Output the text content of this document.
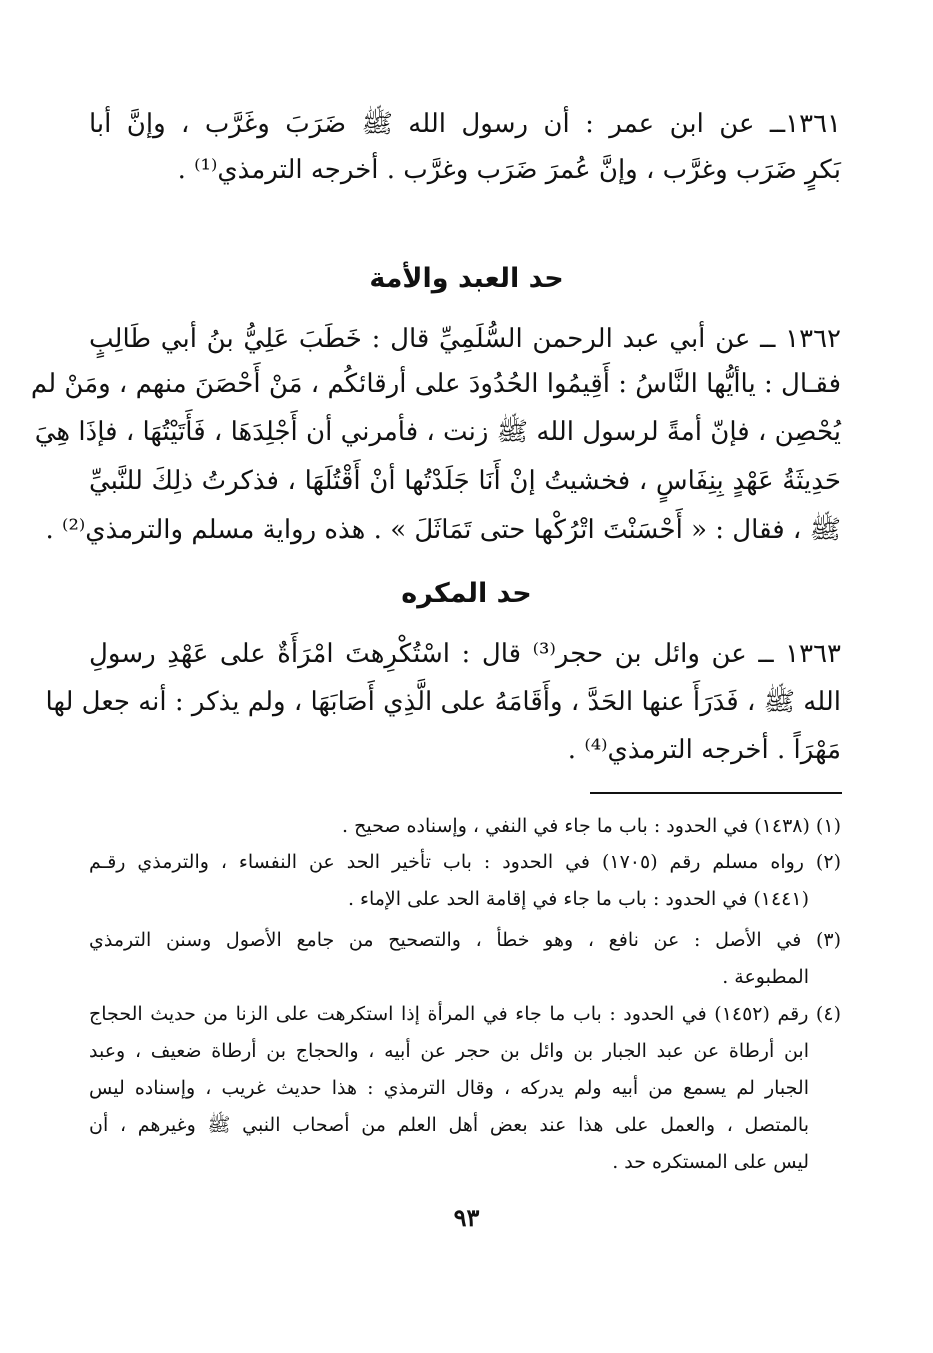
١٣٦١ــ عن ابن عمر : أن رسول الله ﷺ ضَرَبَ وغَرَّب ، وإنَّ أبا
بَكرٍ ضَرَب وغرَّب ، وإنَّ عُمرَ ضَرَب وغرَّب . أخرجه الترمذي⁽¹⁾ .
حد العبد والأمة
١٣٦٢ ــ عن أبي عبد الرحمن السُّلَمِيِّ قال : خَطَبَ عَلِيُّ بنُ أبي طَالِبٍ
فقـال : ياأيُّها النَّاسُ : أَقِيمُوا الحُدُودَ على أرقائكُم ، مَنْ أَحْصَنَ منهم ، ومَنْ لم
يُحْصِن ، فإنّ أمةً لرسول الله ﷺ زنت ، فأمرني أن أَجْلِدَهَا ، فَأَتَيْتُهَا ، فإذَا هِيَ
حَدِيثَةُ عَهْدٍ بِنِفَاسٍ ، فخشيتُ إنْ أَنَا جَلَدْتُها أنْ أَقْتُلَهَا ، فذكرتُ ذلِكَ للنَّبيِّ
ﷺ ، فقال : « أَحْسَنْتَ اتْرُكْها حتى تَمَاثَلَ » . هذه رواية مسلم والترمذي⁽²⁾ .
حد المكره
١٣٦٣ ــ عن وائل بن حجر⁽³⁾ قال : اسْتُكْرِهتَ امْرَأَةٌ على عَهْدِ رسولِ
الله ﷺ ، فَدَرَأَ عنها الحَدَّ ، وأَقَامَهُ على الَّذِي أَصَابَهَا ، ولم يذكر : أنه جعل لها
مَهْرَاً . أخرجه الترمذي⁽⁴⁾ .
(١) (١٤٣٨) في الحدود : باب ما جاء في النفي ، وإسناده صحيح .
(٢) رواه مسلم رقم (١٧٠٥) في الحدود : باب تأخير الحد عن النفساء ، والترمذي رقـم
(١٤٤١) في الحدود : باب ما جاء في إقامة الحد على الإماء .
(٣) في الأصل : عن نافع ، وهو خطأ ، والتصحيح من جامع الأصول وسنن الترمذي
المطبوعة .
(٤) رقم (١٤٥٢) في الحدود : باب ما جاء في المرأة إذا استكرهت على الزنا من حديث الحجاج
ابن أرطاة عن عبد الجبار بن وائل بن حجر عن أبيه ، والحجاج بن أرطاة ضعيف ، وعبد
الجبار لم يسمع من أبيه ولم يدركه ، وقال الترمذي : هذا حديث غريب ، وإسناده ليس
بالمتصل ، والعمل على هذا عند بعض أهل العلم من أصحاب النبي ﷺ وغيرهم ، أن
ليس على المستكره حد .
٩٣
